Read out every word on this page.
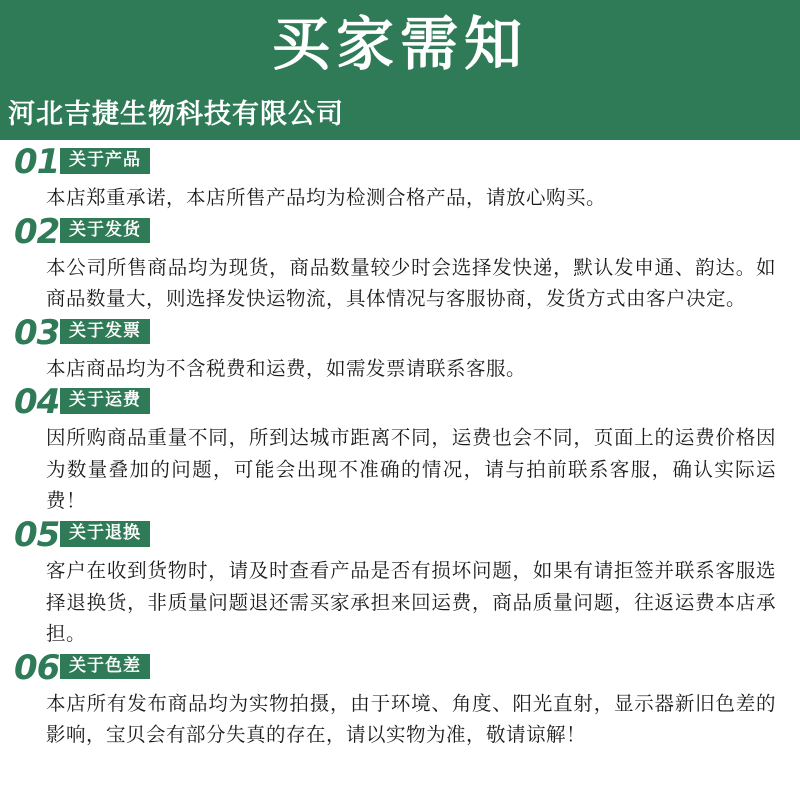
买家需知
河北吉捷生物科技有限公司
01 关于产品
本店郑重承诺，本店所售产品均为检测合格产品，请放心购买。
02 关于发货
本公司所售商品均为现货，商品数量较少时会选择发快递，默认发申通、韵达。如商品数量大，则选择发快运物流，具体情况与客服协商，发货方式由客户决定。
03 关于发票
本店商品均为不含税费和运费，如需发票请联系客服。
04 关于运费
因所购商品重量不同，所到达城市距离不同，运费也会不同，页面上的运费价格因为数量叠加的问题，可能会出现不准确的情况，请与拍前联系客服，确认实际运费！
05 关于退换
客户在收到货物时，请及时查看产品是否有损坏问题，如果有请拒签并联系客服选择退换货，非质量问题退还需买家承担来回运费，商品质量问题，往返运费本店承担。
06 关于色差
本店所有发布商品均为实物拍摄，由于环境、角度、阳光直射，显示器新旧色差的影响，宝贝会有部分失真的存在，请以实物为准，敬请谅解！
